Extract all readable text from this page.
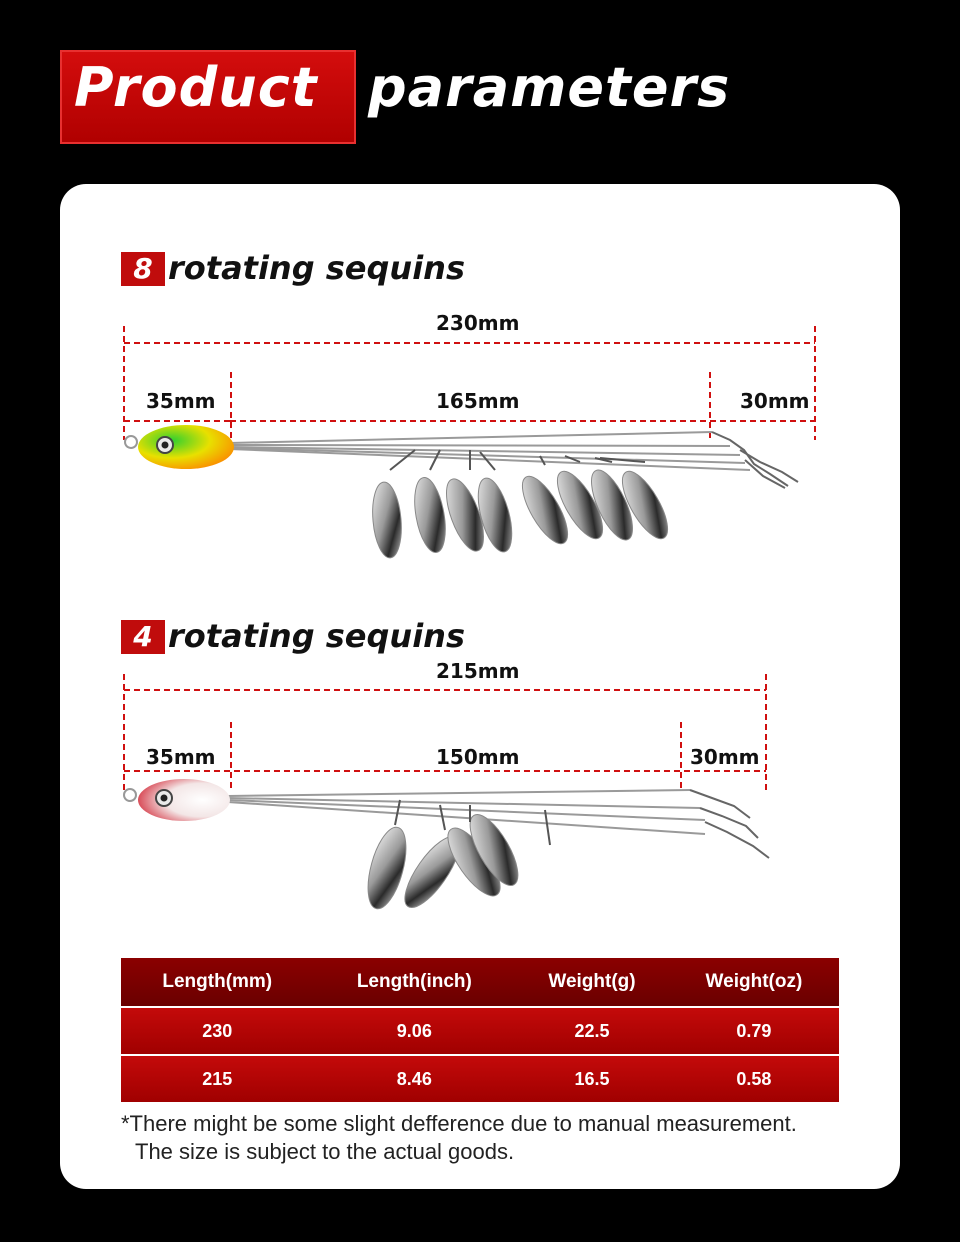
Product parameters
8 rotating sequins
230mm
35mm	165mm	30mm
4 rotating sequins
215mm
35mm	150mm	30mm
Length(mm)	Length(inch)	Weight(g)	Weight(oz)
230	9.06	22.5	0.79
215	8.46	16.5	0.58
*There might be some slight defference due to manual measurement.
The size is subject to the actual goods.
